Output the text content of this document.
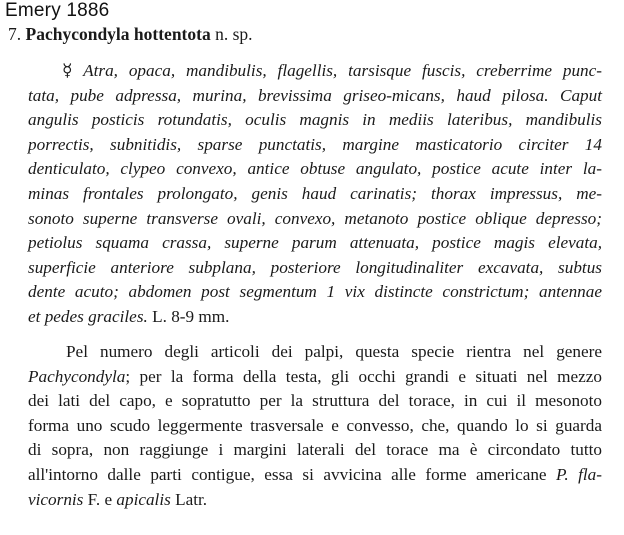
Emery 1886
7. Pachycondyla hottentota n. sp.
☿ Atra, opaca, mandibulis, flagellis, tarsisque fuscis, creberrime punc-
tata, pube adpressa, murina, brevissima griseo-micans, haud pilosa. Caput
angulis posticis rotundatis, oculis magnis in mediis lateribus, mandibulis
porrectis, subnitidis, sparse punctatis, margine masticatorio circiter 14
denticulato, clypeo convexo, antice obtuse angulato, postice acute inter la-
minas frontales prolongato, genis haud carinatis; thorax impressus, me-
sonoto superne transverse ovali, convexo, metanoto postice oblique depresso;
petiolus squama crassa, superne parum attenuata, postice magis elevata,
superficie anteriore subplana, posteriore longitudinaliter excavata, subtus
dente acuto; abdomen post segmentum 1 vix distincte constrictum; antennae
et pedes graciles. L. 8-9 mm.
Pel numero degli articoli dei palpi, questa specie rientra nel genere
Pachycondyla; per la forma della testa, gli occhi grandi e situati nel mezzo
dei lati del capo, e sopratutto per la struttura del torace, in cui il mesonoto
forma uno scudo leggermente trasversale e convesso, che, quando lo si guarda
di sopra, non raggiunge i margini laterali del torace ma è circondato tutto
all'intorno dalle parti contigue, essa si avvicina alle forme americane P. fla-
vicornis F. e apicalis Latr.
